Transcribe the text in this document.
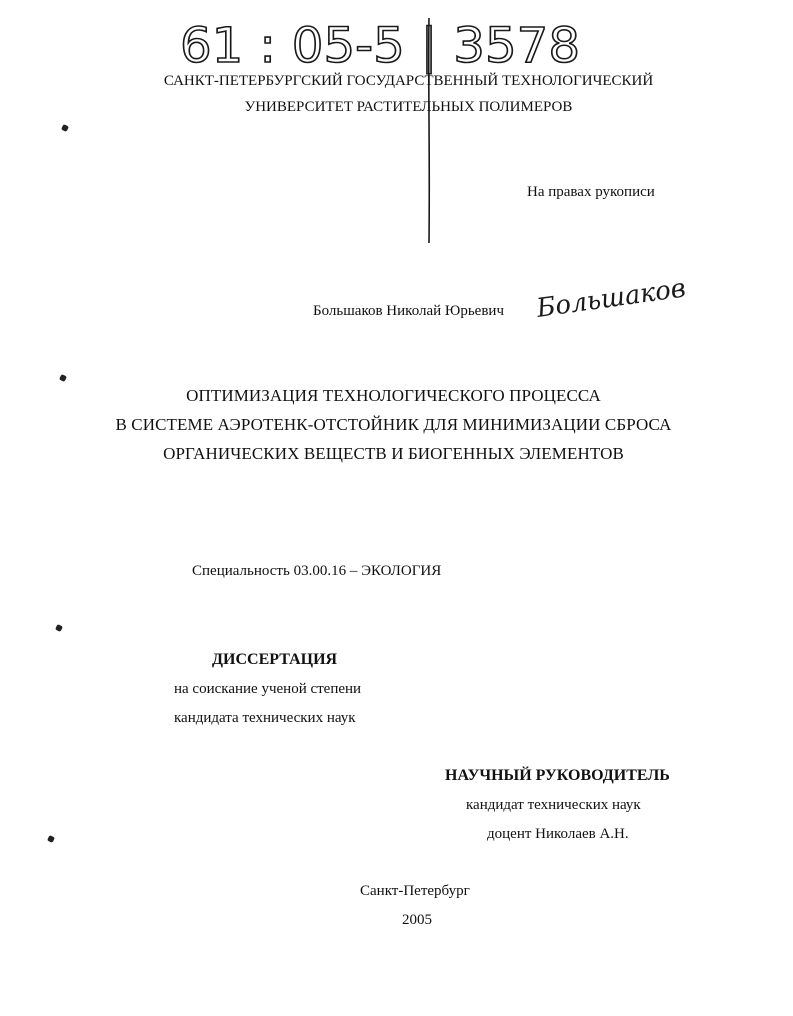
61 : 05-5 | 3578
САНКТ-ПЕТЕРБУРГСКИЙ ГОСУДАРСТВЕННЫЙ ТЕХНОЛОГИЧЕСКИЙ
УНИВЕРСИТЕТ РАСТИТЕЛЬНЫХ ПОЛИМЕРОВ
На правах рукописи
Большаков Николай Юрьевич Большаков
ОПТИМИЗАЦИЯ ТЕХНОЛОГИЧЕСКОГО ПРОЦЕССА
В СИСТЕМЕ АЭРОТЕНК-ОТСТОЙНИК ДЛЯ МИНИМИЗАЦИИ СБРОСА
ОРГАНИЧЕСКИХ ВЕЩЕСТВ И БИОГЕННЫХ ЭЛЕМЕНТОВ
Специальность 03.00.16 – ЭКОЛОГИЯ
ДИССЕРТАЦИЯ
на соискание ученой степени
кандидата технических наук
НАУЧНЫЙ РУКОВОДИТЕЛЬ
кандидат технических наук
доцент Николаев А.Н.
Санкт-Петербург
2005
